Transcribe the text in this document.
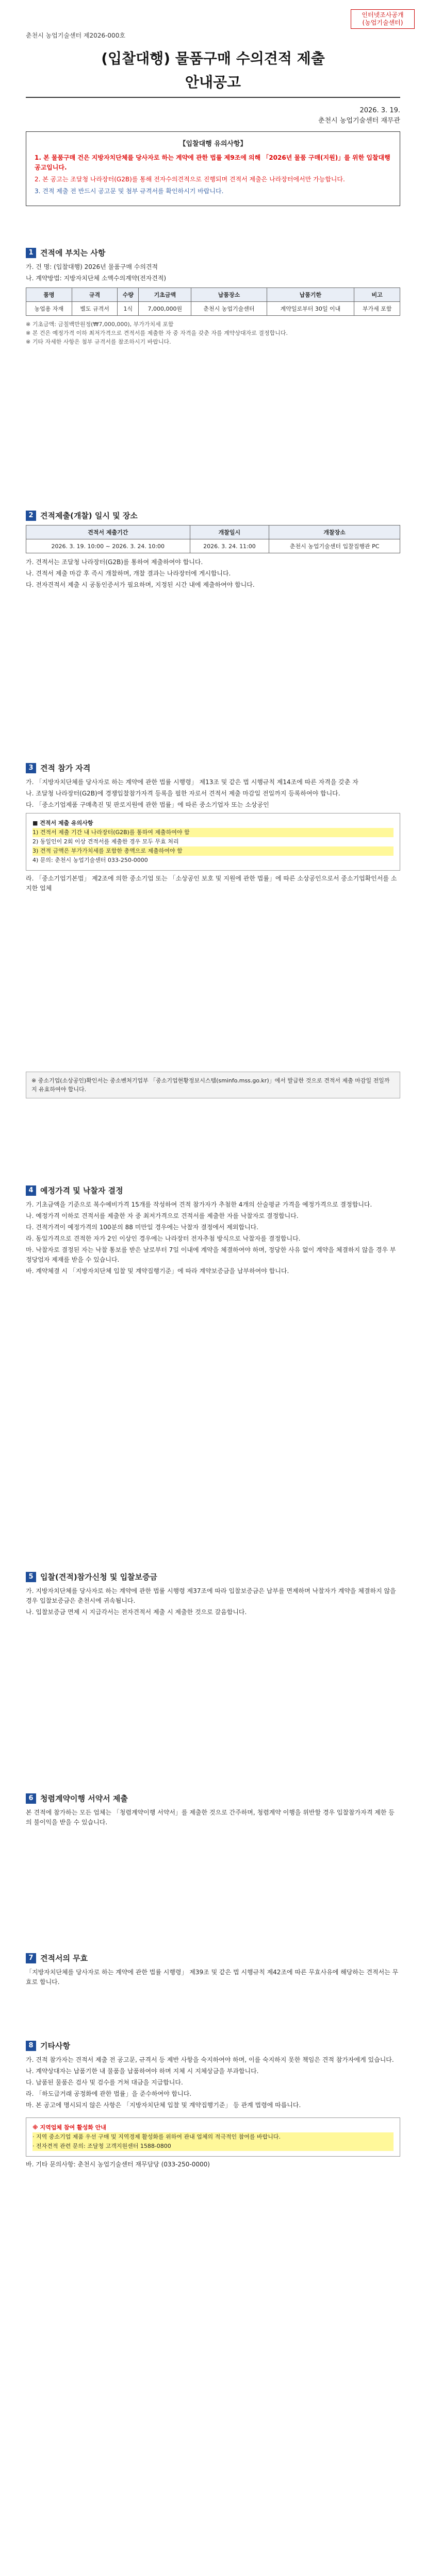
인터넷조사공개
(농업기술센터)
춘천시 농업기술센터 제2026-000호
(입찰대행) 물품구매 수의견적 제출
안내공고
2026. 3. 19.
춘천시 농업기술센터 재무관
【입찰대행 유의사항】

1. 본 물품구매 건은 지방자치단체를 당사자로 하는 계약에 관한 법률 제9조에 의해 「2026년 물품 구매(지원)」를 위한 입찰대행 공고입니다.

2. 본 공고는 조달청 나라장터(G2B)를 통해 전자수의견적으로 진행되며 견적서 제출은 나라장터에서만 가능합니다.

3. 견적 제출 전 반드시 공고문 및 첨부 규격서를 확인하시기 바랍니다.

1 견적에 부치는 사항
가. 건 명: (입찰대행) 2026년 물품구매 수의견적
나. 계약방법: 지방자치단체 소액수의계약(전자견적)
품명	규격	수량	기초금액	납품장소	납품기한	비고
농업용 자재	별도 규격서	1식	7,000,000원	춘천시 농업기술센터	계약일로부터 30일 이내	부가세 포함
※ 기초금액: 금칠백만원정(₩7,000,000), 부가가치세 포함
※ 본 건은 예정가격 이하 최저가격으로 견적서를 제출한 자 중 자격을 갖춘 자를 계약상대자로 결정합니다.
※ 기타 자세한 사항은 첨부 규격서를 참조하시기 바랍니다.
2 견적제출(개찰) 일시 및 장소
견적서 제출기간	개찰일시	개찰장소
2026. 3. 19. 10:00 ~ 2026. 3. 24. 10:00	2026. 3. 24. 11:00	춘천시 농업기술센터 입찰집행관 PC
가. 견적서는 조달청 나라장터(G2B)를 통하여 제출하여야 합니다.
나. 견적서 제출 마감 후 즉시 개찰하며, 개찰 결과는 나라장터에 게시합니다.
다. 전자견적서 제출 시 공동인증서가 필요하며, 지정된 시간 내에 제출하여야 합니다.
3 견적 참가 자격
가. 「지방자치단체를 당사자로 하는 계약에 관한 법률 시행령」 제13조 및 같은 법 시행규칙 제14조에 따른 자격을 갖춘 자
나. 조달청 나라장터(G2B)에 경쟁입찰참가자격 등록을 필한 자로서 견적서 제출 마감일 전일까지 등록하여야 합니다.
다. 「중소기업제품 구매촉진 및 판로지원에 관한 법률」에 따른 중소기업자 또는 소상공인
■ 견적서 제출 유의사항
1) 견적서 제출 기간 내 나라장터(G2B)를 통하여 제출하여야 함
2) 동일인이 2회 이상 견적서를 제출한 경우 모두 무효 처리
3) 견적 금액은 부가가치세를 포함한 총액으로 제출하여야 함
4) 문의: 춘천시 농업기술센터 033-250-0000
라. 「중소기업기본법」 제2조에 의한 중소기업 또는 「소상공인 보호 및 지원에 관한 법률」에 따른 소상공인으로서 중소기업확인서를 소지한 업체
※ 중소기업(소상공인)확인서는 중소벤처기업부 「중소기업현황정보시스템(sminfo.mss.go.kr)」에서 발급한 것으로 견적서 제출 마감일 전일까지 유효하여야 합니다.
4 예정가격 및 낙찰자 결정
가. 기초금액을 기준으로 복수예비가격 15개를 작성하여 견적 참가자가 추첨한 4개의 산술평균 가격을 예정가격으로 결정합니다.
나. 예정가격 이하로 견적서를 제출한 자 중 최저가격으로 견적서를 제출한 자를 낙찰자로 결정합니다.
다. 견적가격이 예정가격의 100분의 88 미만일 경우에는 낙찰자 결정에서 제외합니다.
라. 동일가격으로 견적한 자가 2인 이상인 경우에는 나라장터 전자추첨 방식으로 낙찰자를 결정합니다.
마. 낙찰자로 결정된 자는 낙찰 통보를 받은 날로부터 7일 이내에 계약을 체결하여야 하며, 정당한 사유 없이 계약을 체결하지 않을 경우 부정당업자 제재를 받을 수 있습니다.
바. 계약체결 시 「지방자치단체 입찰 및 계약집행기준」에 따라 계약보증금을 납부하여야 합니다.
5 입찰(견적)참가신청 및 입찰보증금
가. 지방자치단체를 당사자로 하는 계약에 관한 법률 시행령 제37조에 따라 입찰보증금은 납부를 면제하며 낙찰자가 계약을 체결하지 않을 경우 입찰보증금은 춘천시에 귀속됩니다.
나. 입찰보증금 면제 시 지급각서는 전자견적서 제출 시 제출한 것으로 갈음합니다.
6 청렴계약이행 서약서 제출
본 견적에 참가하는 모든 업체는 「청렴계약이행 서약서」를 제출한 것으로 간주하며, 청렴계약 이행을 위반할 경우 입찰참가자격 제한 등의 불이익을 받을 수 있습니다.
7 견적서의 무효
「지방자치단체를 당사자로 하는 계약에 관한 법률 시행령」 제39조 및 같은 법 시행규칙 제42조에 따른 무효사유에 해당하는 견적서는 무효로 합니다.
8 기타사항
가. 견적 참가자는 견적서 제출 전 공고문, 규격서 등 제반 사항을 숙지하여야 하며, 이를 숙지하지 못한 책임은 견적 참가자에게 있습니다.
나. 계약상대자는 납품기한 내 물품을 납품하여야 하며 지체 시 지체상금을 부과합니다.
다. 납품된 물품은 검사 및 검수를 거쳐 대금을 지급합니다.
라. 「하도급거래 공정화에 관한 법률」을 준수하여야 합니다.
마. 본 공고에 명시되지 않은 사항은 「지방자치단체 입찰 및 계약집행기준」 등 관계 법령에 따릅니다.
※ 지역업체 참여 활성화 안내
· 지역 중소기업 제품 우선 구매 및 지역경제 활성화를 위하여 관내 업체의 적극적인 참여를 바랍니다.
· 전자견적 관련 문의: 조달청 고객지원센터 1588-0800
바. 기타 문의사항: 춘천시 농업기술센터 재무담당 (033-250-0000)
